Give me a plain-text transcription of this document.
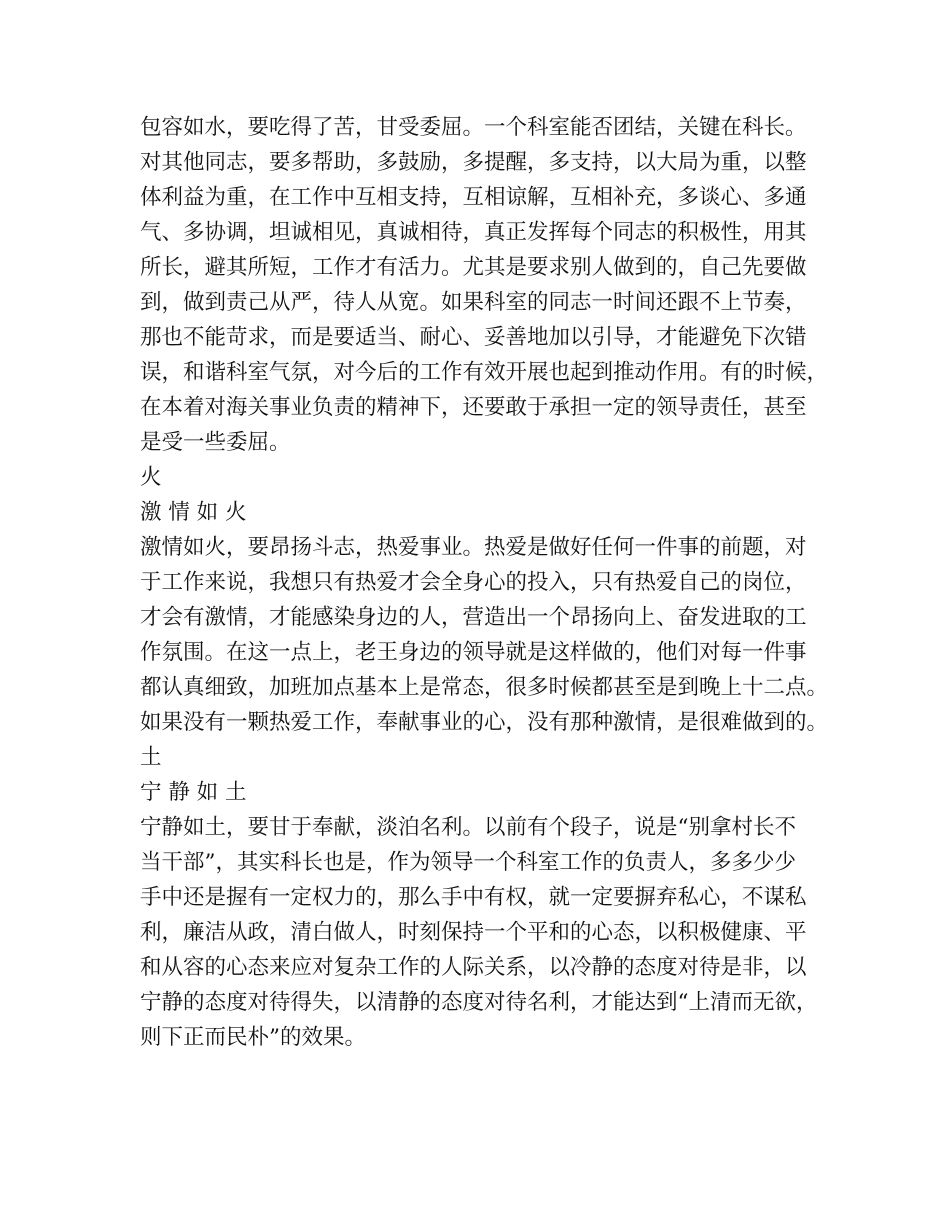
包容如水，要吃得了苦，甘受委屈。一个科室能否团结，关键在科长。
对其他同志，要多帮助，多鼓励，多提醒，多支持，以大局为重，以整
体利益为重，在工作中互相支持，互相谅解，互相补充，多谈心、多通
气、多协调，坦诚相见，真诚相待，真正发挥每个同志的积极性，用其
所长，避其所短，工作才有活力。尤其是要求别人做到的，自己先要做
到，做到责己从严，待人从宽。如果科室的同志一时间还跟不上节奏，
那也不能苛求，而是要适当、耐心、妥善地加以引导，才能避免下次错
误，和谐科室气氛，对今后的工作有效开展也起到推动作用。有的时候，
在本着对海关事业负责的精神下，还要敢于承担一定的领导责任，甚至
是受一些委屈。
火
激 情 如 火
激情如火，要昂扬斗志，热爱事业。热爱是做好任何一件事的前题，对
于工作来说，我想只有热爱才会全身心的投入，只有热爱自己的岗位，
才会有激情，才能感染身边的人，营造出一个昂扬向上、奋发进取的工
作氛围。在这一点上，老王身边的领导就是这样做的，他们对每一件事
都认真细致，加班加点基本上是常态，很多时候都甚至是到晚上十二点。
如果没有一颗热爱工作，奉献事业的心，没有那种激情，是很难做到的。
土
宁 静 如 土
宁静如土，要甘于奉献，淡泊名利。以前有个段子，说是“别拿村长不
当干部”，其实科长也是，作为领导一个科室工作的负责人，多多少少
手中还是握有一定权力的，那么手中有权，就一定要摒弃私心，不谋私
利，廉洁从政，清白做人，时刻保持一个平和的心态，以积极健康、平
和从容的心态来应对复杂工作的人际关系，以冷静的态度对待是非，以
宁静的态度对待得失，以清静的态度对待名利，才能达到“上清而无欲，
则下正而民朴”的效果。
